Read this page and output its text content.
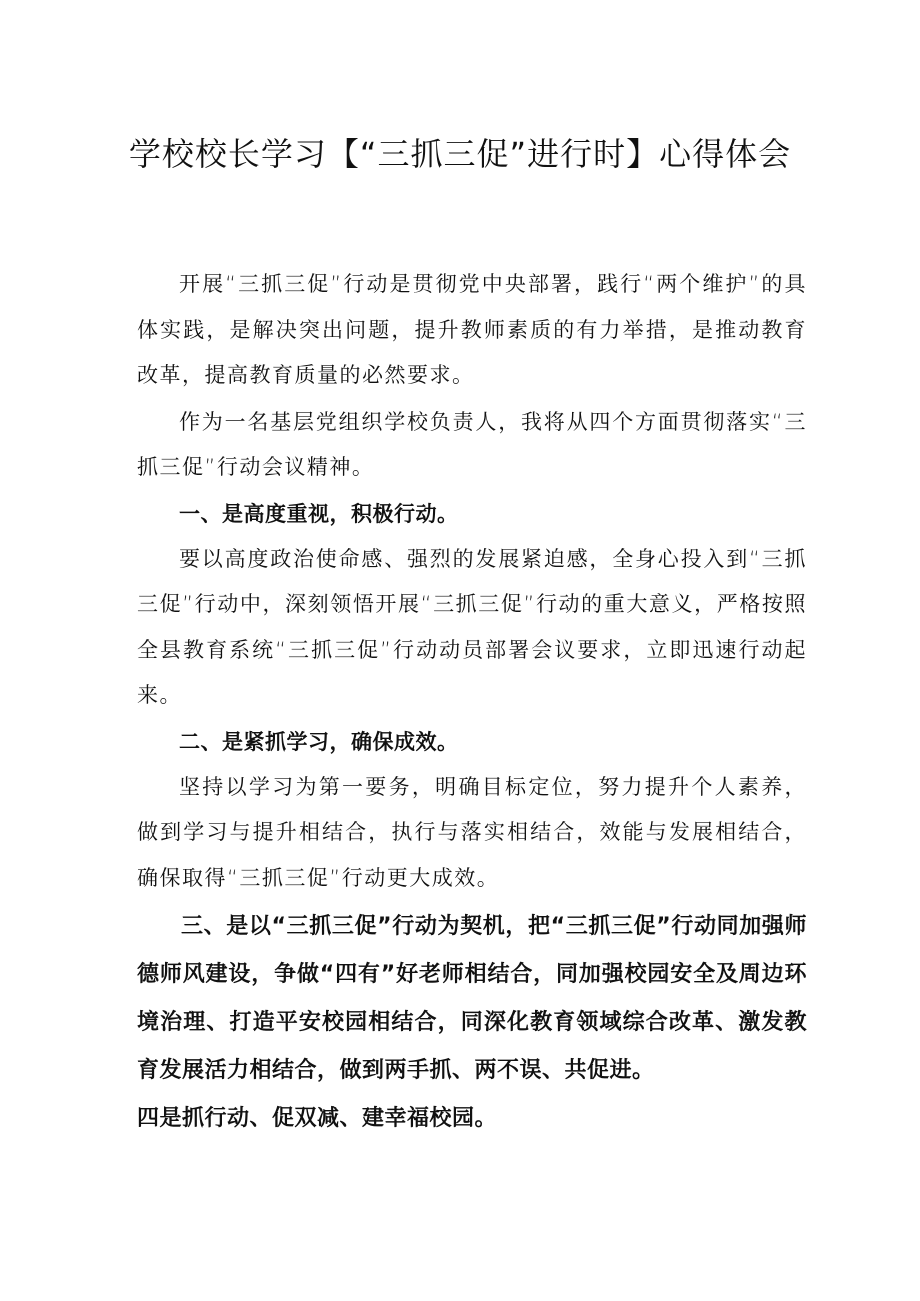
学校校长学习【“三抓三促”进行时】心得体会

开展“三抓三促”行动是贯彻党中央部署，践行“两个维护”的具体实践，是解决突出问题，提升教师素质的有力举措，是推动教育改革，提高教育质量的必然要求。

作为一名基层党组织学校负责人，我将从四个方面贯彻落实“三抓三促”行动会议精神。

一、是高度重视，积极行动。

要以高度政治使命感、强烈的发展紧迫感，全身心投入到“三抓三促”行动中，深刻领悟开展“三抓三促”行动的重大意义，严格按照全县教育系统“三抓三促”行动动员部署会议要求，立即迅速行动起来。

二、是紧抓学习，确保成效。

坚持以学习为第一要务，明确目标定位，努力提升个人素养，做到学习与提升相结合，执行与落实相结合，效能与发展相结合，确保取得“三抓三促”行动更大成效。

三、是以“三抓三促”行动为契机，把“三抓三促”行动同加强师德师风建设，争做“四有”好老师相结合，同加强校园安全及周边环境治理、打造平安校园相结合，同深化教育领域综合改革、激发教育发展活力相结合，做到两手抓、两不误、共促进。

四是抓行动、促双减、建幸福校园。
